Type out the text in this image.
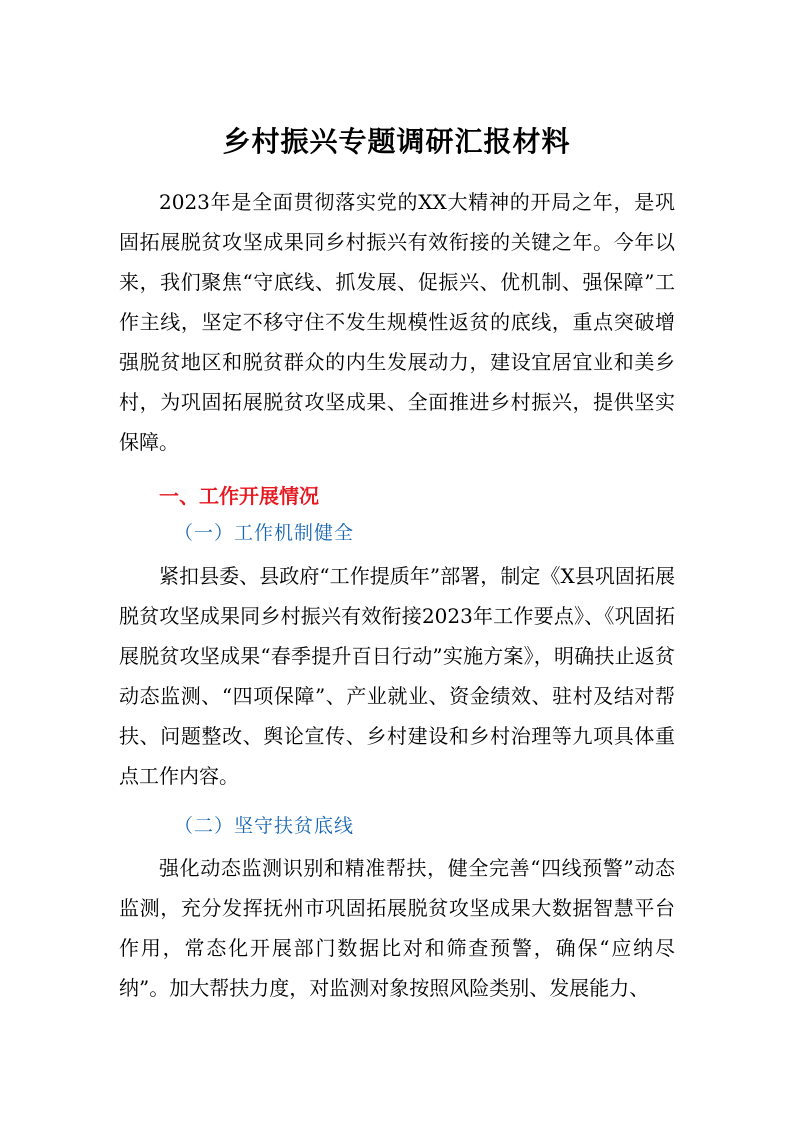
乡村振兴专题调研汇报材料

2023年是全面贯彻落实党的XX大精神的开局之年，是巩固拓展脱贫攻坚成果同乡村振兴有效衔接的关键之年。今年以来，我们聚焦“守底线、抓发展、促振兴、优机制、强保障”工作主线，坚定不移守住不发生规模性返贫的底线，重点突破增强脱贫地区和脱贫群众的内生发展动力，建设宜居宜业和美乡村，为巩固拓展脱贫攻坚成果、全面推进乡村振兴，提供坚实保障。

一、工作开展情况
（一）工作机制健全

紧扣县委、县政府“工作提质年”部署，制定《X县巩固拓展脱贫攻坚成果同乡村振兴有效衔接2023年工作要点》、《巩固拓展脱贫攻坚成果“春季提升百日行动”实施方案》，明确扶止返贫动态监测、“四项保障”、产业就业、资金绩效、驻村及结对帮扶、问题整改、舆论宣传、乡村建设和乡村治理等九项具体重点工作内容。

（二）坚守扶贫底线

强化动态监测识别和精准帮扶，健全完善“四线预警”动态监测，充分发挥抚州市巩固拓展脱贫攻坚成果大数据智慧平台作用，常态化开展部门数据比对和筛查预警，确保“应纳尽纳”。加大帮扶力度，对监测对象按照风险类别、发展能力、
